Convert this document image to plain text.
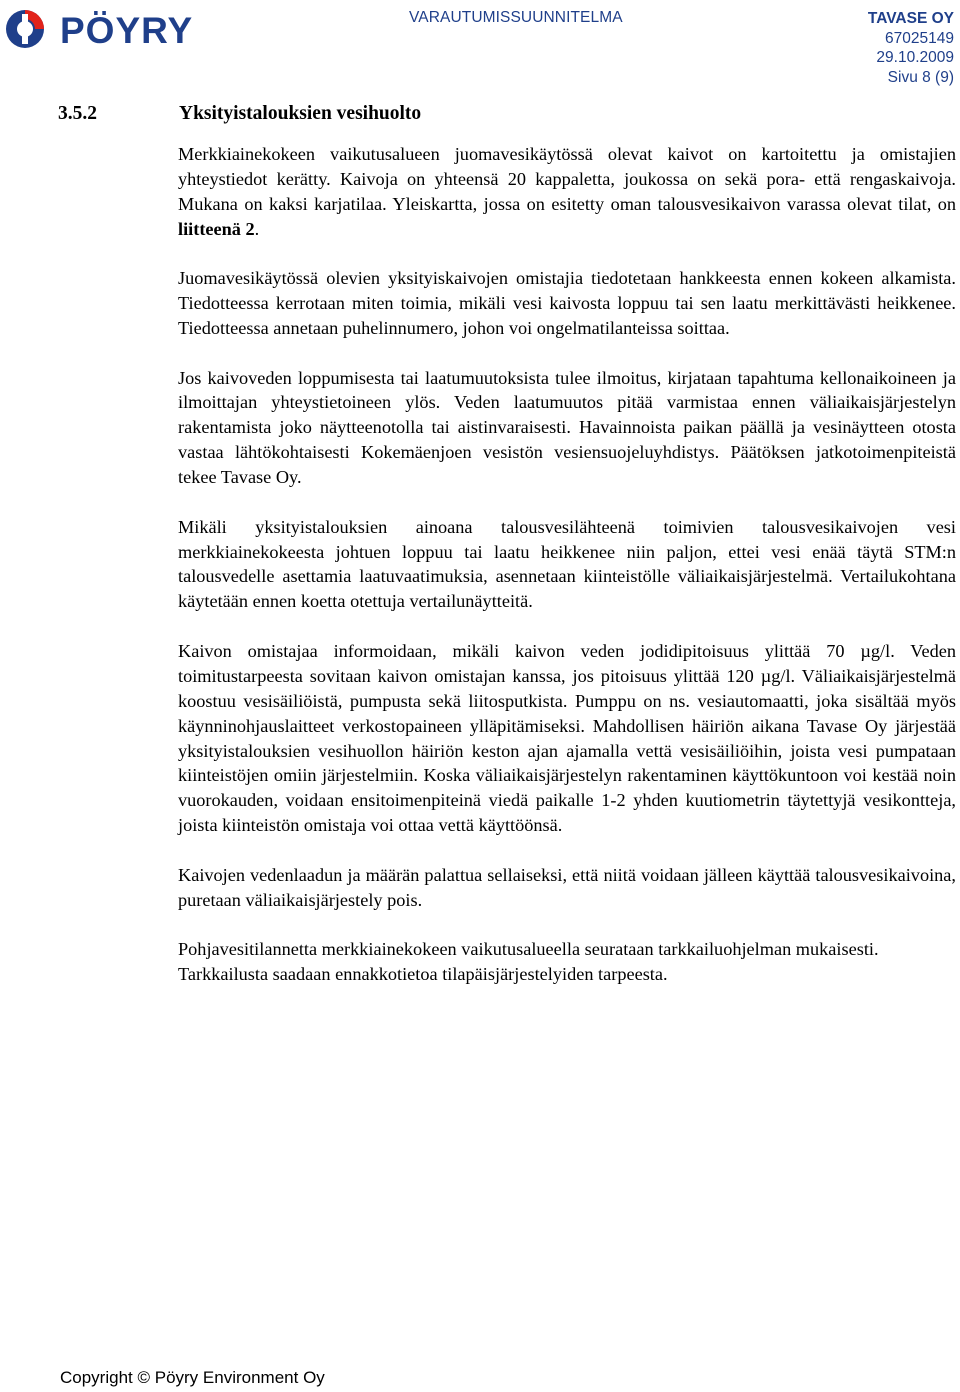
PÖYRY	VARAUTUMISSUUNNITELMA	TAVASE OY
67025149
29.10.2009
Sivu 8 (9)
3.5.2	Yksityistalouksien vesihuolto

Merkkiainekokeen vaikutusalueen juomavesikäytössä olevat kaivot on kartoitettu ja omistajien yhteystiedot kerätty. Kaivoja on yhteensä 20 kappaletta, joukossa on sekä pora- että rengaskaivoja. Mukana on kaksi karjatilaa. Yleiskartta, jossa on esitetty oman talousvesikaivon varassa olevat tilat, on liitteenä 2.

Juomavesikäytössä olevien yksityiskaivojen omistajia tiedotetaan hankkeesta ennen kokeen alkamista. Tiedotteessa kerrotaan miten toimia, mikäli vesi kaivosta loppuu tai sen laatu merkittävästi heikkenee. Tiedotteessa annetaan puhelinnumero, johon voi ongelmatilanteissa soittaa.

Jos kaivoveden loppumisesta tai laatumuutoksista tulee ilmoitus, kirjataan tapahtuma kellonaikoineen ja ilmoittajan yhteystietoineen ylös. Veden laatumuutos pitää varmistaa ennen väliaikaisjärjestelyn rakentamista joko näytteenotolla tai aistinvaraisesti. Havainnoista paikan päällä ja vesinäytteen otosta vastaa lähtökohtaisesti Kokemäenjoen vesistön vesiensuojeluyhdistys. Päätöksen jatkotoimenpiteistä tekee Tavase Oy.

Mikäli yksityistalouksien ainoana talousvesilähteenä toimivien talousvesikaivojen vesi merkkiainekokeesta johtuen loppuu tai laatu heikkenee niin paljon, ettei vesi enää täytä STM:n talousvedelle asettamia laatuvaatimuksia, asennetaan kiinteistölle väliaikaisjärjestelmä. Vertailukohtana käytetään ennen koetta otettuja vertailunäytteitä.

Kaivon omistajaa informoidaan, mikäli kaivon veden jodidipitoisuus ylittää 70 µg/l. Veden toimitustarpeesta sovitaan kaivon omistajan kanssa, jos pitoisuus ylittää 120 µg/l. Väliaikaisjärjestelmä koostuu vesisäiliöistä, pumpusta sekä liitosputkista. Pumppu on ns. vesiautomaatti, joka sisältää myös käynninohjauslaitteet verkostopaineen ylläpitämiseksi. Mahdollisen häiriön aikana Tavase Oy järjestää yksityistalouksien vesihuollon häiriön keston ajan ajamalla vettä vesisäiliöihin, joista vesi pumpataan kiinteistöjen omiin järjestelmiin. Koska väliaikaisjärjestelyn rakentaminen käyttökuntoon voi kestää noin vuorokauden, voidaan ensitoimenpiteinä viedä paikalle 1-2 yhden kuutiometrin täytettyjä vesikontteja, joista kiinteistön omistaja voi ottaa vettä käyttöönsä.

Kaivojen vedenlaadun ja määrän palattua sellaiseksi, että niitä voidaan jälleen käyttää talousvesikaivoina, puretaan väliaikaisjärjestely pois.

Pohjavesitilannetta merkkiainekokeen vaikutusalueella seurataan tarkkailuohjelman mukaisesti. Tarkkailusta saadaan ennakkotietoa tilapäisjärjestelyiden tarpeesta.

Copyright © Pöyry Environment Oy
